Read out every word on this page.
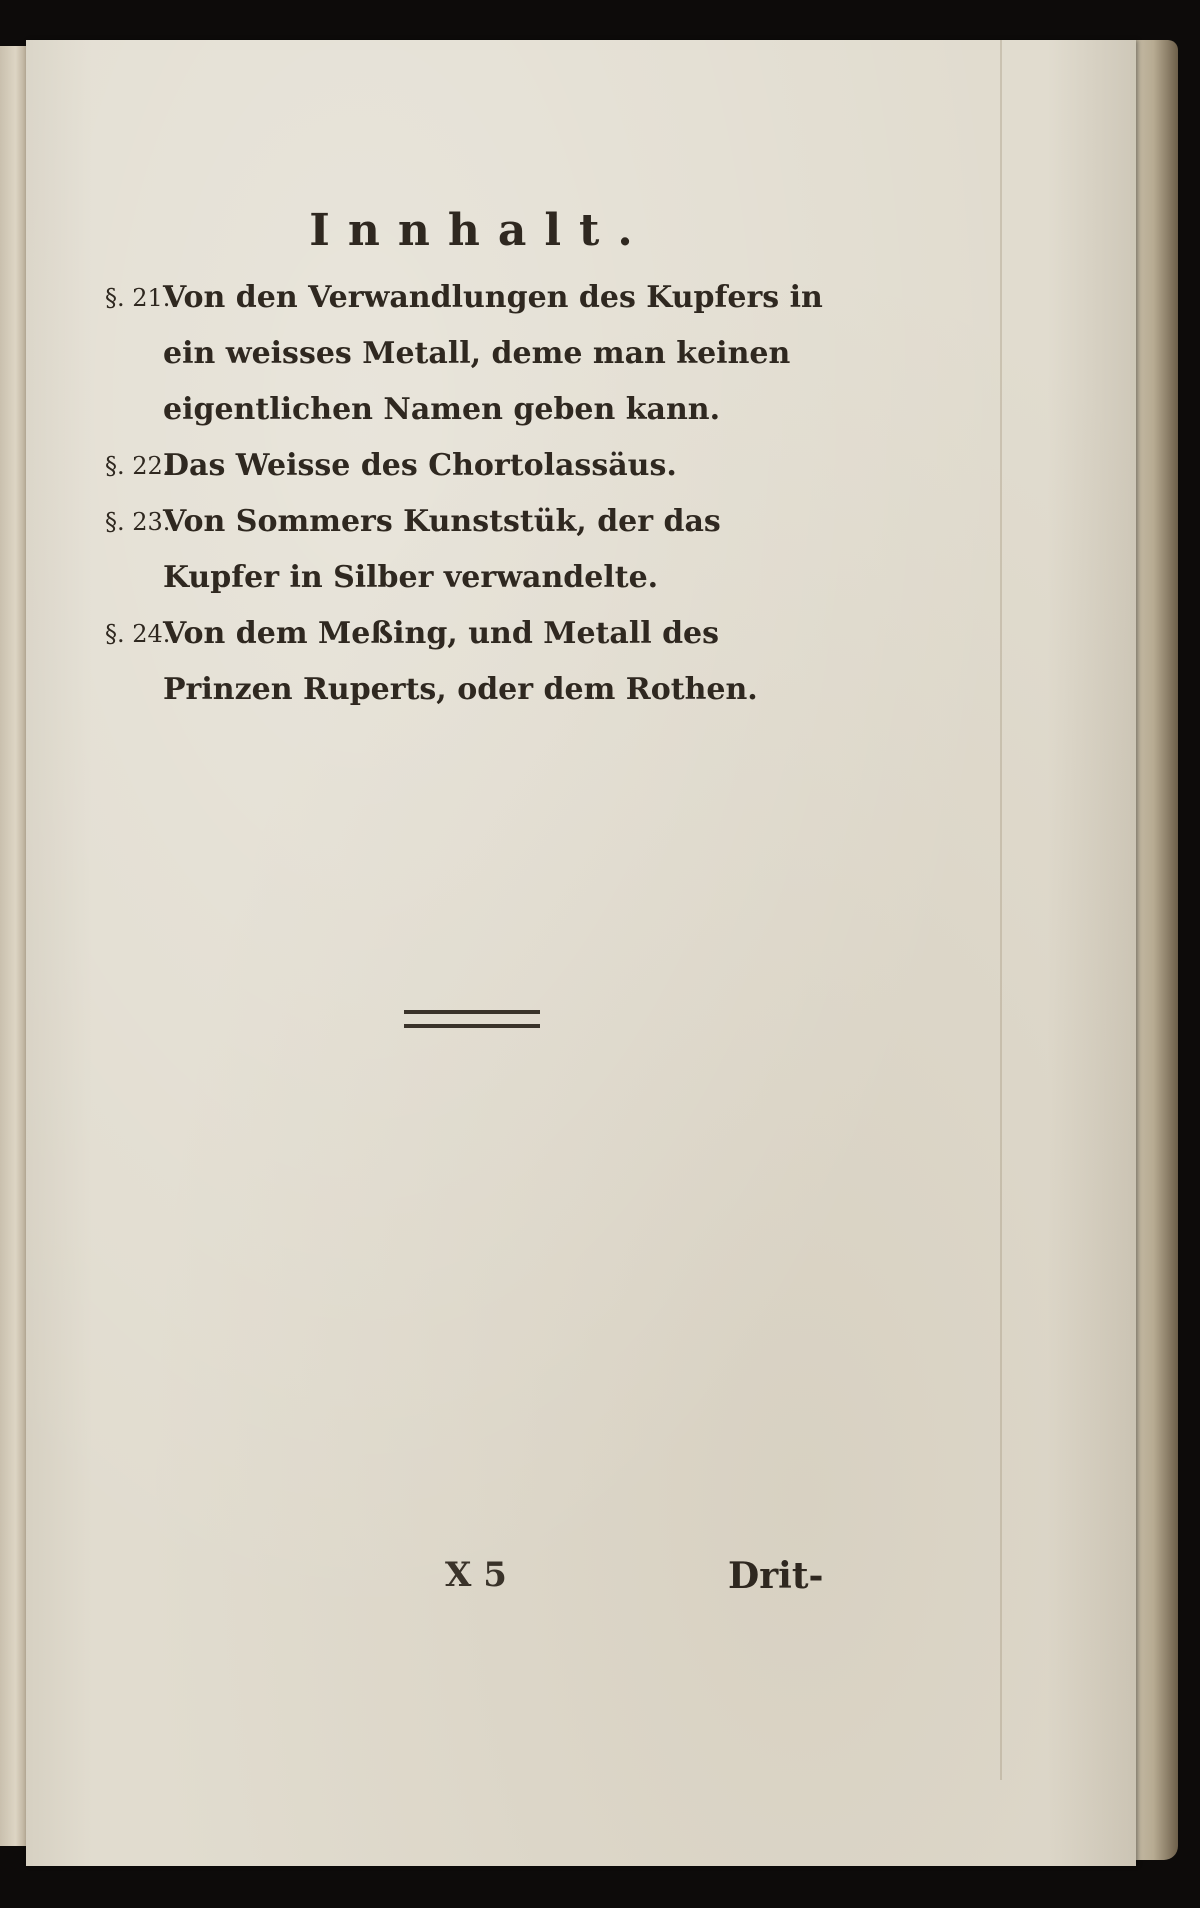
Innhalt.

§. 21.
Von den Verwandlungen des Kupfers in ein weisses Metall, deme man keinen eigentlichen Namen geben kann.

§. 22.
Das Weisse des Chortolassäus.

§. 23.
Von Sommers Kunststük, der das Kupfer in Silber verwandelte.

§. 24.
Von dem Meßing, und Metall des Prinzen Ruperts, oder dem Rothen.

X 5	Drit-
